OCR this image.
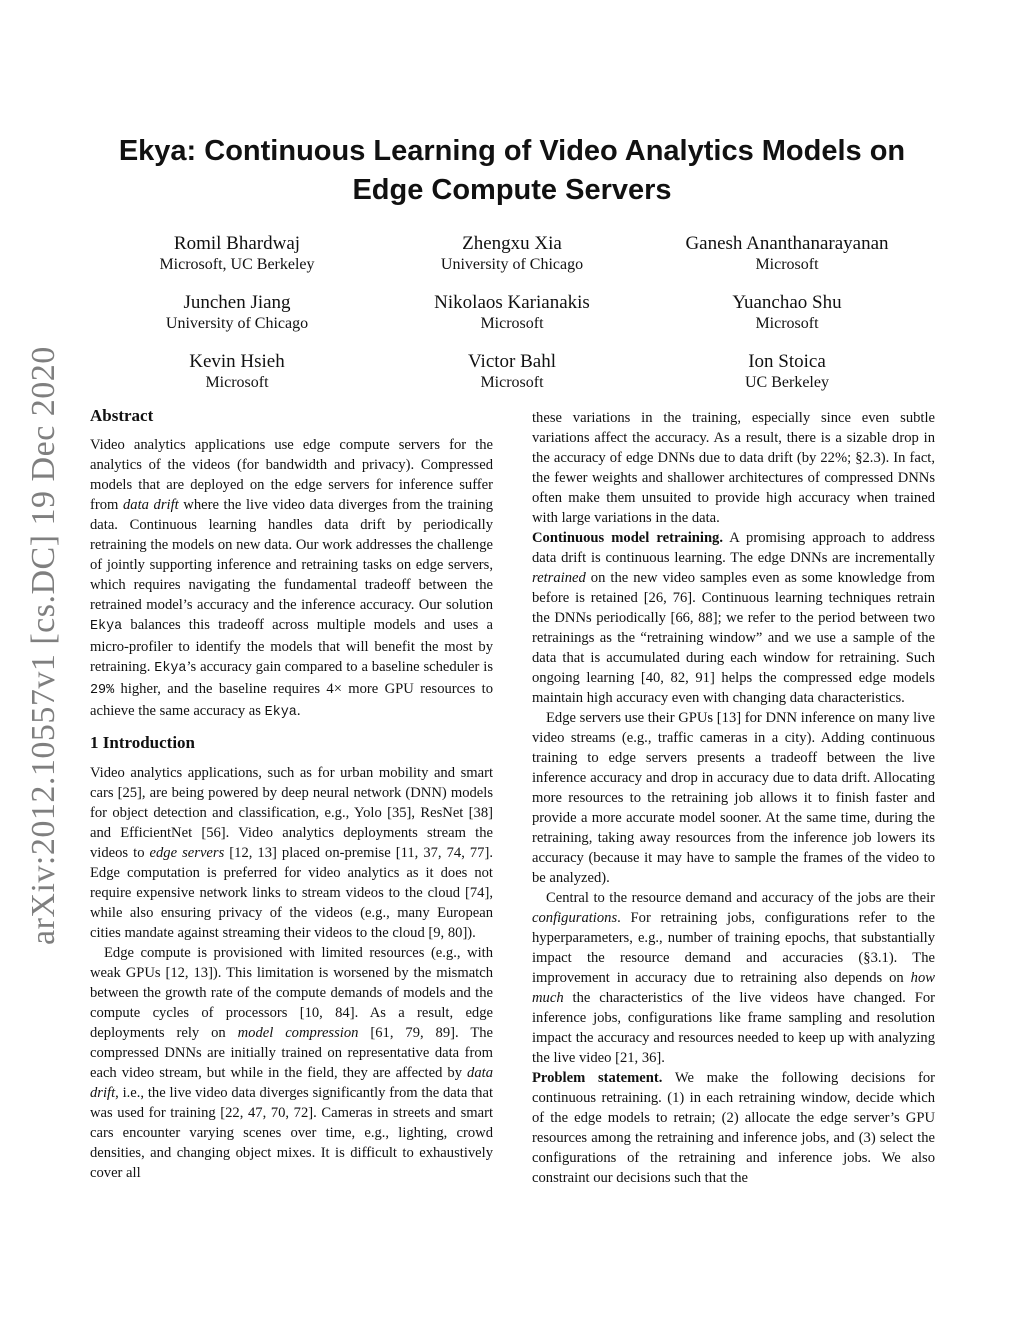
arXiv:2012.10557v1 [cs.DC] 19 Dec 2020
Ekya: Continuous Learning of Video Analytics Models on Edge Compute Servers
Romil Bhardwaj
Microsoft, UC Berkeley
Zhengxu Xia
University of Chicago
Ganesh Ananthanarayanan
Microsoft
Junchen Jiang
University of Chicago
Nikolaos Karianakis
Microsoft
Yuanchao Shu
Microsoft
Kevin Hsieh
Microsoft
Victor Bahl
Microsoft
Ion Stoica
UC Berkeley
Abstract

Video analytics applications use edge compute servers for the analytics of the videos (for bandwidth and privacy). Compressed models that are deployed on the edge servers for inference suffer from data drift where the live video data diverges from the training data. Continuous learning handles data drift by periodically retraining the models on new data. Our work addresses the challenge of jointly supporting inference and retraining tasks on edge servers, which requires navigating the fundamental tradeoff between the retrained model’s accuracy and the inference accuracy. Our solution Ekya balances this tradeoff across multiple models and uses a micro-profiler to identify the models that will benefit the most by retraining. Ekya’s accuracy gain compared to a baseline scheduler is 29% higher, and the baseline requires 4× more GPU resources to achieve the same accuracy as Ekya.

1 Introduction

Video analytics applications, such as for urban mobility and smart cars [25], are being powered by deep neural network (DNN) models for object detection and classification, e.g., Yolo [35], ResNet [38] and EfficientNet [56]. Video analytics deployments stream the videos to edge servers [12, 13] placed on-premise [11, 37, 74, 77]. Edge computation is preferred for video analytics as it does not require expensive network links to stream videos to the cloud [74], while also ensuring privacy of the videos (e.g., many European cities mandate against streaming their videos to the cloud [9, 80]).

Edge compute is provisioned with limited resources (e.g., with weak GPUs [12, 13]). This limitation is worsened by the mismatch between the growth rate of the compute demands of models and the compute cycles of processors [10, 84]. As a result, edge deployments rely on model compression [61, 79, 89]. The compressed DNNs are initially trained on representative data from each video stream, but while in the field, they are affected by data drift, i.e., the live video data diverges significantly from the data that was used for training [22, 47, 70, 72]. Cameras in streets and smart cars encounter varying scenes over time, e.g., lighting, crowd densities, and changing object mixes. It is difficult to exhaustively cover all

these variations in the training, especially since even subtle variations affect the accuracy. As a result, there is a sizable drop in the accuracy of edge DNNs due to data drift (by 22%; §2.3). In fact, the fewer weights and shallower architectures of compressed DNNs often make them unsuited to provide high accuracy when trained with large variations in the data.

Continuous model retraining. A promising approach to address data drift is continuous learning. The edge DNNs are incrementally retrained on the new video samples even as some knowledge from before is retained [26, 76]. Continuous learning techniques retrain the DNNs periodically [66, 88]; we refer to the period between two retrainings as the “retraining window” and we use a sample of the data that is accumulated during each window for retraining. Such ongoing learning [40, 82, 91] helps the compressed edge models maintain high accuracy even with changing data characteristics.

Edge servers use their GPUs [13] for DNN inference on many live video streams (e.g., traffic cameras in a city). Adding continuous training to edge servers presents a tradeoff between the live inference accuracy and drop in accuracy due to data drift. Allocating more resources to the retraining job allows it to finish faster and provide a more accurate model sooner. At the same time, during the retraining, taking away resources from the inference job lowers its accuracy (because it may have to sample the frames of the video to be analyzed).

Central to the resource demand and accuracy of the jobs are their configurations. For retraining jobs, configurations refer to the hyperparameters, e.g., number of training epochs, that substantially impact the resource demand and accuracies (§3.1). The improvement in accuracy due to retraining also depends on how much the characteristics of the live videos have changed. For inference jobs, configurations like frame sampling and resolution impact the accuracy and resources needed to keep up with analyzing the live video [21, 36].

Problem statement. We make the following decisions for continuous retraining. (1) in each retraining window, decide which of the edge models to retrain; (2) allocate the edge server’s GPU resources among the retraining and inference jobs, and (3) select the configurations of the retraining and inference jobs. We also constraint our decisions such that the
